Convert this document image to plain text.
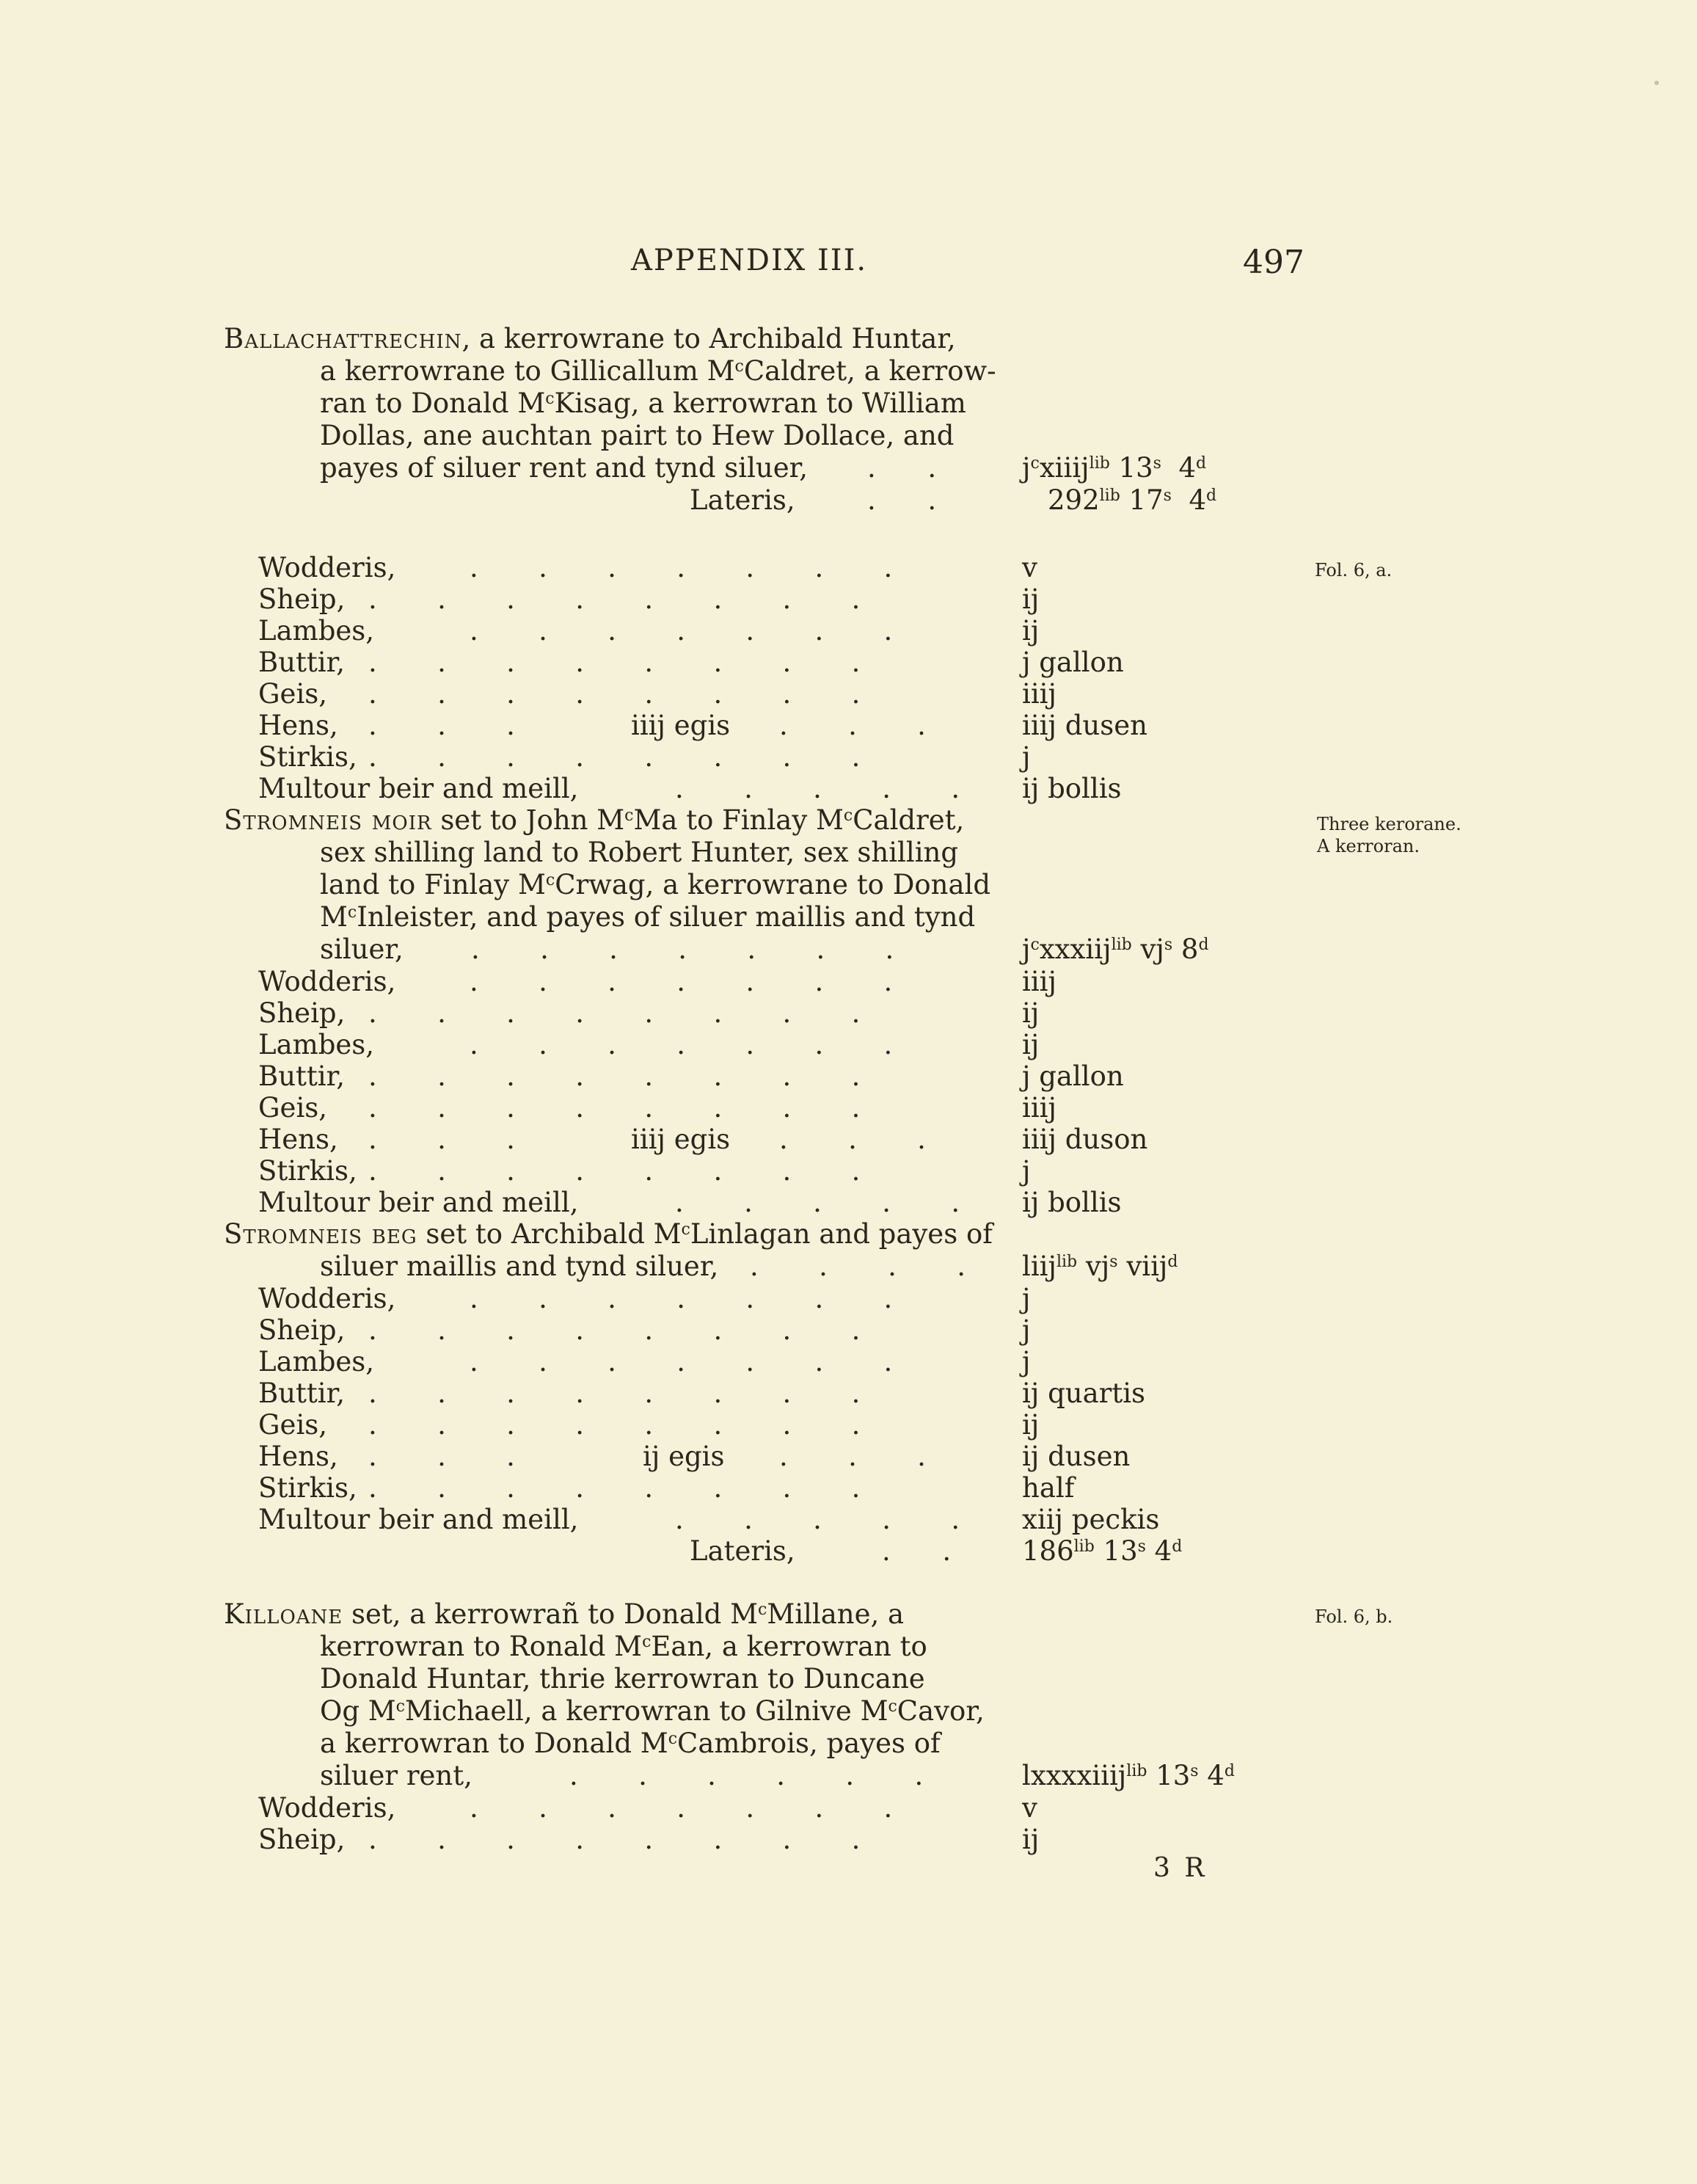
APPENDIX III.	497
Ballachattrechin, a kerrowrane to Archibald Huntar,
a kerrowrane to Gillicallum $M^cCaldret$, a kerrow-
ran to Donald $M^cKisag$, a kerrowran to William
Dollas, ane auchtan pairt to Hew Dollace, and
payes of siluer rent and tynd siluer, .      .	$j^cxiiij^{lib}$ 13$^s$  4$^d$
Lateris,	.      .	$292^{lib}$ 17$^s$  4$^d$
Wodderis,	.       .       .       .       .       .       .	v
Sheip, .       .       .       .       .       .       .       .	ij
Lambes,	.       .       .       .       .       .       .	ij
Buttir, .       .       .       .       .       .       .       .	j gallon
Geis, .       .       .       .       .       .       .       .	iiij
Hens, .       .       .	iiij egis .       .       .	iiij dusen
Stirkis, .       .       .       .       .       .       .       .	j
Multour beir and meill,	.       .       .       .       . ij bollis
Stromneis moir set to John $M^cMa$ to Finlay $M^cCaldret$,
sex shilling land to Robert Hunter, sex shilling
land to Finlay $M^cCrwag$, a kerrowrane to Donald
$M^cInleister$, and payes of siluer maillis and tynd
siluer, .       .       .       .       .       .       .	$j^cxxxiij^{lib}$ $vj^s$ 8$^d$
Wodderis,	.       .       .       .       .       .       .	iiij
Sheip, .       .       .       .       .       .       .       .	ij
Lambes,	.       .       .       .       .       .       .	ij
Buttir, .       .       .       .       .       .       .       .	j gallon
Geis, .       .       .       .       .       .       .       .	iiij
Hens, .       .       .	iiij egis .       .       .	iiij duson
Stirkis, .       .       .       .       .       .       .       .	j
Multour beir and meill,	.       .       .       .       . ij bollis
Stromneis beg set to Archibald $M^cLinlagan$ and payes of
siluer maillis and tynd siluer, .       .       .       . liij$^{lib}$ $vj^s$ viij$^d$
Wodderis,	.       .       .       .       .       .       .	j
Sheip, .       .       .       .       .       .       .       .	j
Lambes,	.       .       .       .       .       .       .	j
Buttir, .       .       .       .       .       .       .       .	ij quartis
Geis, .       .       .       .       .       .       .       .	ij
Hens, .       .       .	ij egis .       .       .	ij dusen
Stirkis, .       .       .       .       .       .       .       .	half
Multour beir and meill,	.       .       .       .       . xiij peckis
Lateris,	.      .	$186^{lib}$ 13$^s$ 4$^d$
Killoane set, a kerrowrañ to Donald $M^cMillane$, a
kerrowran to Ronald $M^cEan$, a kerrowran to
Donald Huntar, thrie kerrowran to Duncane
Og $M^cMichaell$, a kerrowran to Gilnive $M^cCavor$,
a kerrowran to Donald $M^cCambrois$, payes of
siluer rent,	.       .       .       .       .       .	lxxxxiiij$^{lib}$ 13$^s$ 4$^d$
Wodderis,	.       .       .       .       .       .       .	v
Sheip, .       .       .       .       .       .       .       .	ij
Fol. 6, a.
Three kerorane.
A kerroran.
Fol. 6, b.
3 R
